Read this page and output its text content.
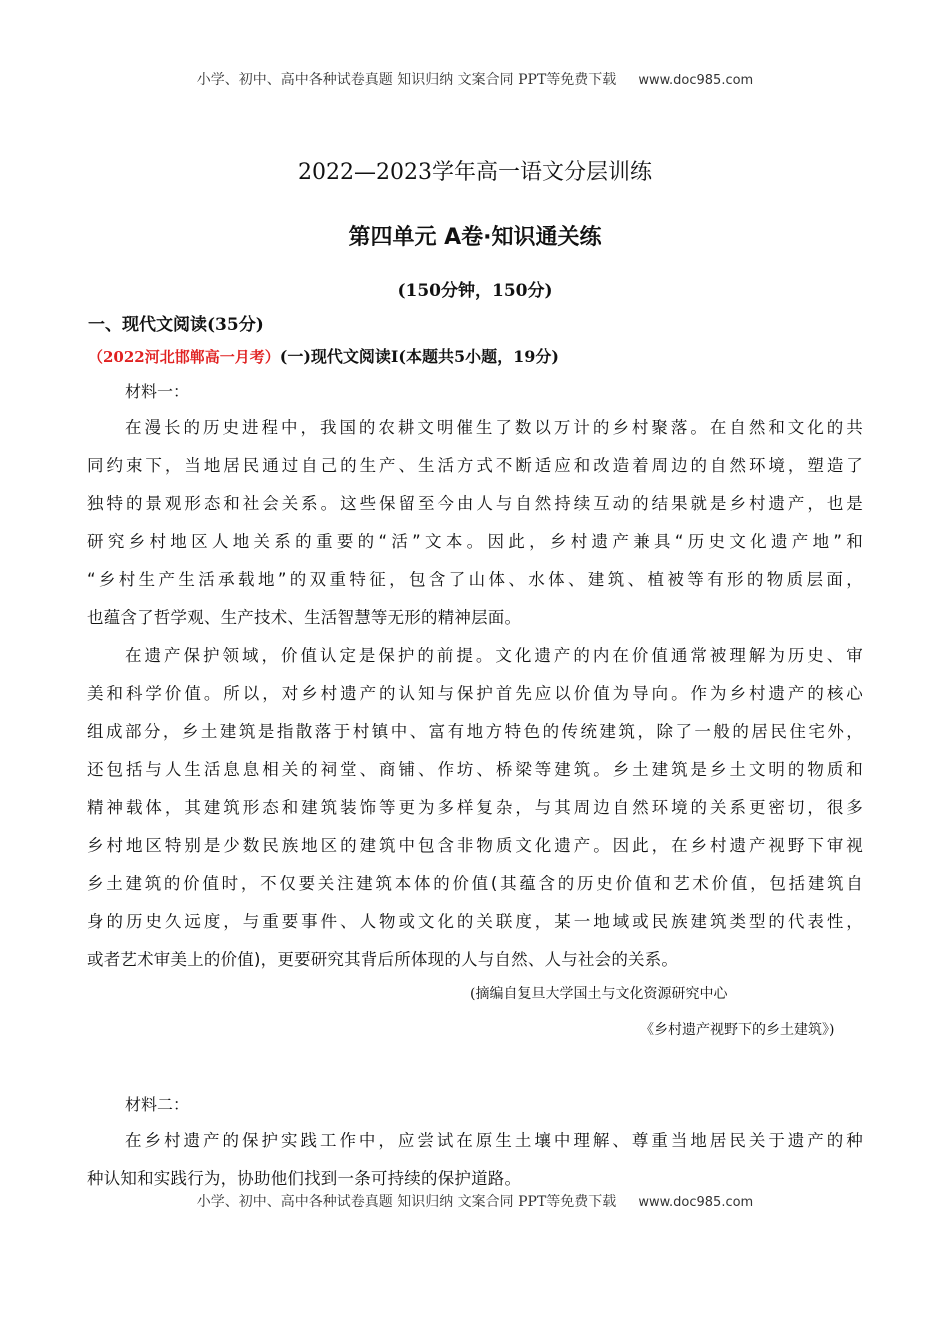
小学、初中、高中各种试卷真题 知识归纳 文案合同 PPT等免费下载 www.doc985.com
2022—2023学年高一语文分层训练
第四单元 A卷·知识通关练
(150分钟，150分)
一、现代文阅读(35分)
（2022河北邯郸高一月考）(一)现代文阅读Ⅰ(本题共5小题，19分)
材料一：
在漫长的历史进程中，我国的农耕文明催生了数以万计的乡村聚落。在自然和文化的共
同约束下，当地居民通过自己的生产、生活方式不断适应和改造着周边的自然环境，塑造了
独特的景观形态和社会关系。这些保留至今由人与自然持续互动的结果就是乡村遗产，也是
研究乡村地区人地关系的重要的“活”文本。因此，乡村遗产兼具“历史文化遗产地”和
“乡村生产生活承载地”的双重特征，包含了山体、水体、建筑、植被等有形的物质层面，
也蕴含了哲学观、生产技术、生活智慧等无形的精神层面。
在遗产保护领域，价值认定是保护的前提。文化遗产的内在价值通常被理解为历史、审
美和科学价值。所以，对乡村遗产的认知与保护首先应以价值为导向。作为乡村遗产的核心
组成部分，乡土建筑是指散落于村镇中、富有地方特色的传统建筑，除了一般的居民住宅外，
还包括与人生活息息相关的祠堂、商铺、作坊、桥梁等建筑。乡土建筑是乡土文明的物质和
精神载体，其建筑形态和建筑装饰等更为多样复杂，与其周边自然环境的关系更密切，很多
乡村地区特别是少数民族地区的建筑中包含非物质文化遗产。因此，在乡村遗产视野下审视
乡土建筑的价值时，不仅要关注建筑本体的价值(其蕴含的历史价值和艺术价值，包括建筑自
身的历史久远度，与重要事件、人物或文化的关联度，某一地域或民族建筑类型的代表性，
或者艺术审美上的价值)，更要研究其背后所体现的人与自然、人与社会的关系。
(摘编自复旦大学国土与文化资源研究中心
《乡村遗产视野下的乡土建筑》)
材料二：
在乡村遗产的保护实践工作中，应尝试在原生土壤中理解、尊重当地居民关于遗产的种
种认知和实践行为，协助他们找到一条可持续的保护道路。
小学、初中、高中各种试卷真题 知识归纳 文案合同 PPT等免费下载 www.doc985.com
